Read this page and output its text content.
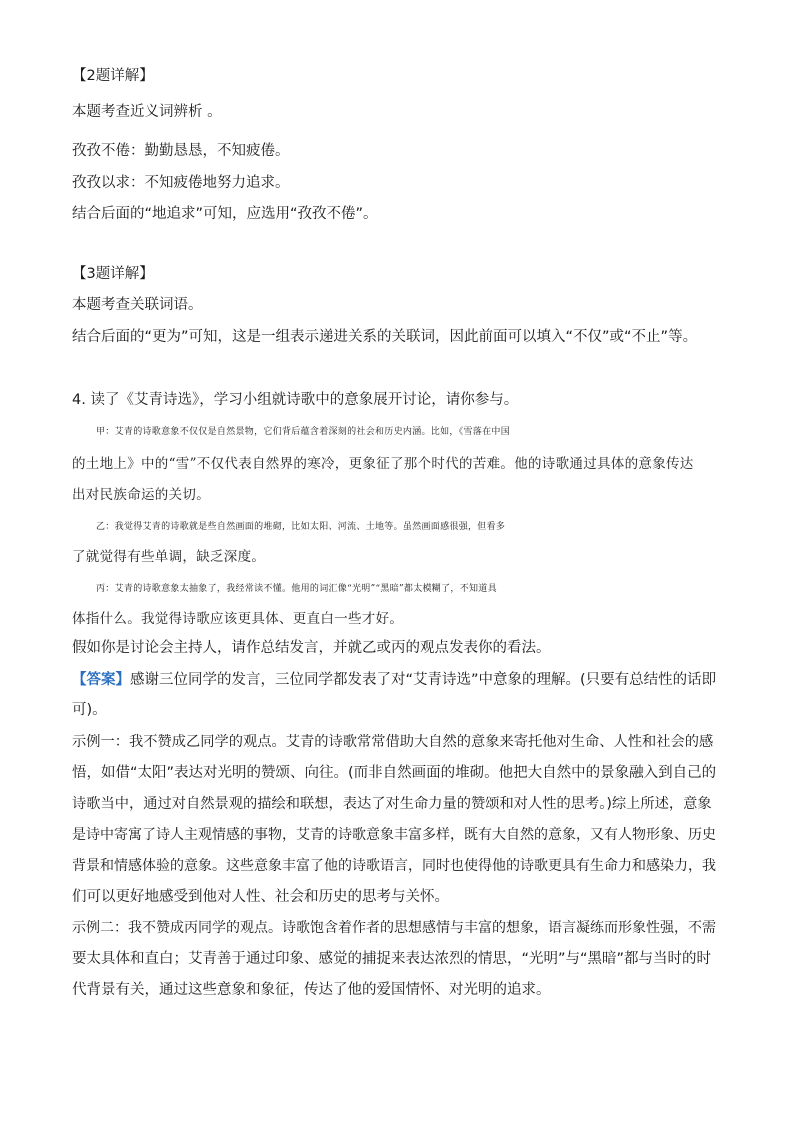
【2题详解】
本题考查近义词辨析 。
孜孜不倦：勤勤恳恳，不知疲倦。
孜孜以求：不知疲倦地努力追求。
结合后面的“地追求”可知，应选用“孜孜不倦”。
【3题详解】
本题考查关联词语。
结合后面的“更为”可知，这是一组表示递进关系的关联词，因此前面可以填入“不仅”或“不止”等。
4. 读了《艾青诗选》，学习小组就诗歌中的意象展开讨论，请你参与。
甲：艾青的诗歌意象不仅仅是自然景物，它们背后蕴含着深刻的社会和历史内涵。比如，《雪落在中国
的土地上》中的“雪”不仅代表自然界的寒冷，更象征了那个时代的苦难。他的诗歌通过具体的意象传达
出对民族命运的关切。
乙：我觉得艾青的诗歌就是些自然画面的堆砌，比如太阳、河流、土地等。虽然画面感很强，但看多
了就觉得有些单调，缺乏深度。
丙：艾青的诗歌意象太抽象了，我经常读不懂。他用的词汇像“光明”“黑暗”都太模糊了，不知道具
体指什么。我觉得诗歌应该更具体、更直白一些才好。
假如你是讨论会主持人，请作总结发言，并就乙或丙的观点发表你的看法。
【答案】感谢三位同学的发言，三位同学都发表了对“艾青诗选”中意象的理解。(只要有总结性的话即
可)。
示例一：我不赞成乙同学的观点。艾青的诗歌常常借助大自然的意象来寄托他对生命、人性和社会的感
悟，如借“太阳”表达对光明的赞颂、向往。(而非自然画面的堆砌。他把大自然中的景象融入到自己的
诗歌当中，通过对自然景观的描绘和联想，表达了对生命力量的赞颂和对人性的思考。)综上所述，意象
是诗中寄寓了诗人主观情感的事物，艾青的诗歌意象丰富多样，既有大自然的意象，又有人物形象、历史
背景和情感体验的意象。这些意象丰富了他的诗歌语言，同时也使得他的诗歌更具有生命力和感染力，我
们可以更好地感受到他对人性、社会和历史的思考与关怀。
示例二：我不赞成丙同学的观点。诗歌饱含着作者的思想感情与丰富的想象，语言凝练而形象性强，不需
要太具体和直白；艾青善于通过印象、感觉的捕捉来表达浓烈的情思，“光明”与“黑暗”都与当时的时
代背景有关，通过这些意象和象征，传达了他的爱国情怀、对光明的追求。
